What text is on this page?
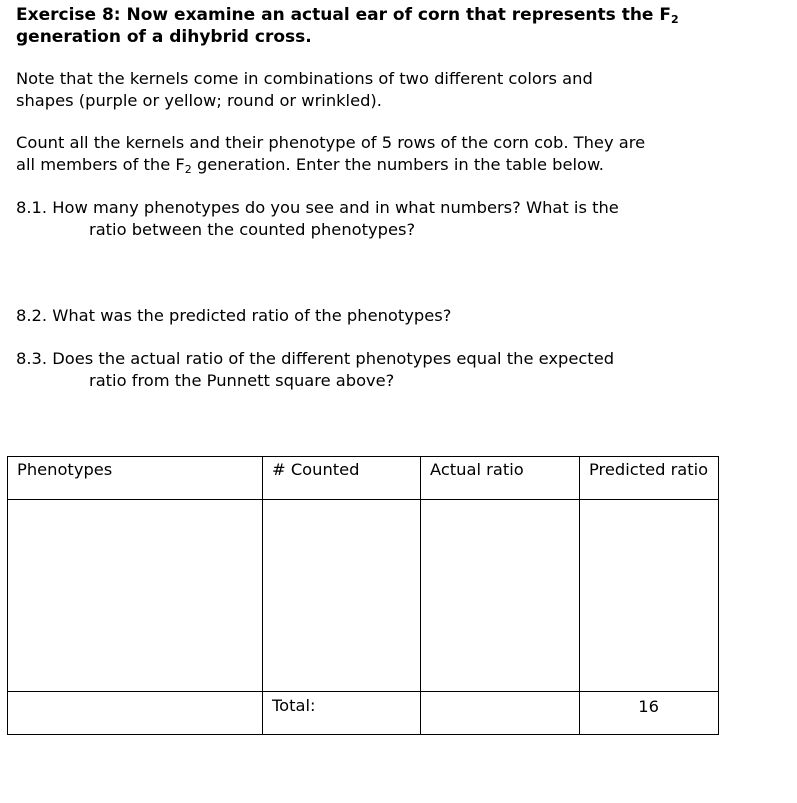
Exercise 8: Now examine an actual ear of corn that represents the $F_2$
generation of a dihybrid cross.

Note that the kernels come in combinations of two different colors and
shapes (purple or yellow; round or wrinkled).

Count all the kernels and their phenotype of 5 rows of the corn cob. They are
all members of the $F_2$ generation. Enter the numbers in the table below.

8.1. How many phenotypes do you see and in what numbers? What is the
ratio between the counted phenotypes?

8.2. What was the predicted ratio of the phenotypes?

8.3. Does the actual ratio of the different phenotypes equal the expected
ratio from the Punnett square above?

Phenotypes	# Counted	Actual ratio	Predicted ratio

	Total:		16
